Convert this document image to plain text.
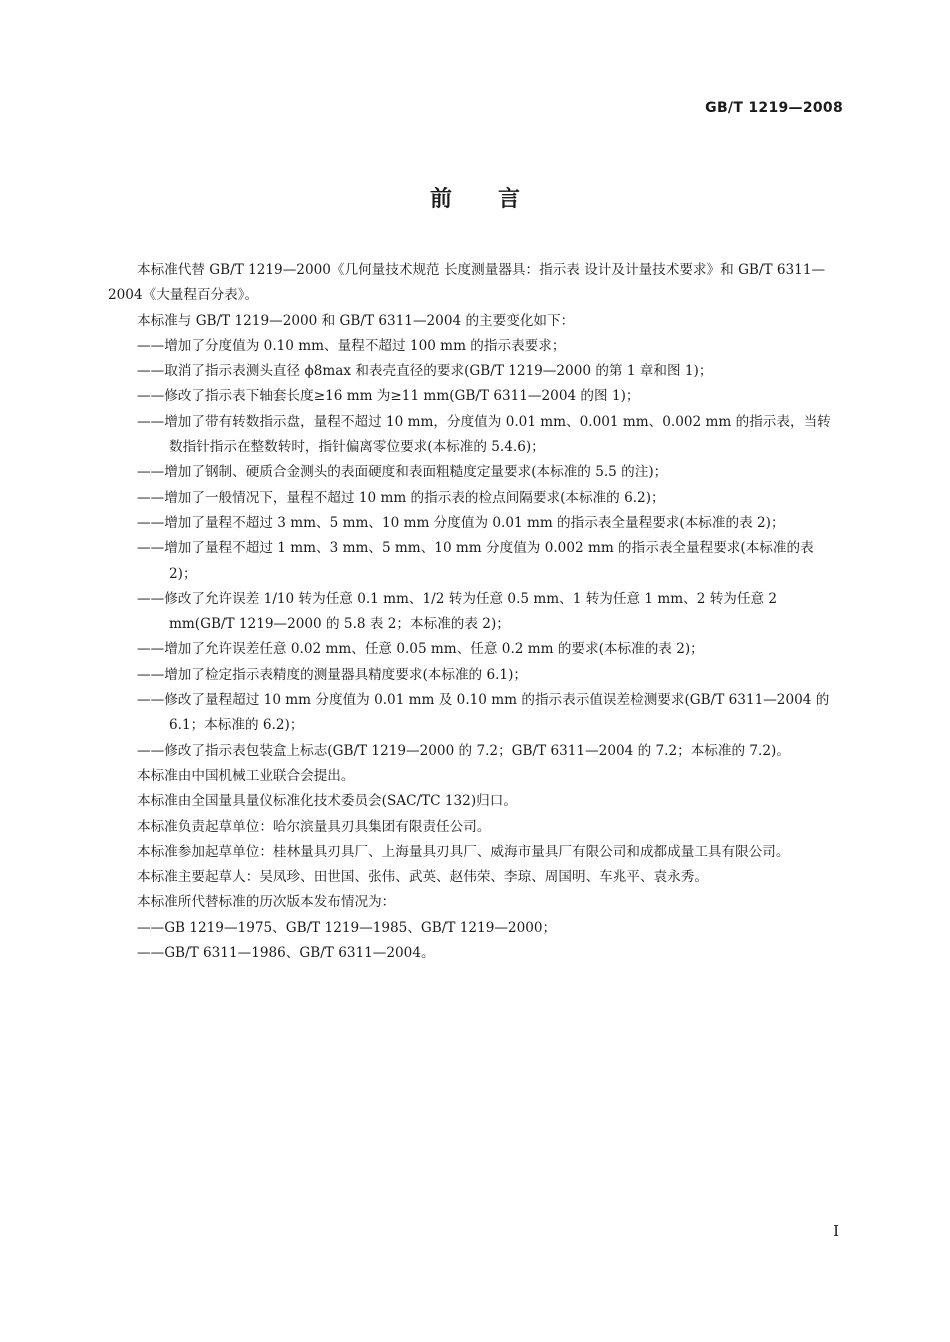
GB/T 1219—2008
前言

本标准代替 GB/T 1219—2000《几何量技术规范 长度测量器具：指示表 设计及计量技术要求》和 GB/T 6311—2004《大量程百分表》。

本标准与 GB/T 1219—2000 和 GB/T 6311—2004 的主要变化如下：

——增加了分度值为 0.10 mm、量程不超过 100 mm 的指示表要求；

——取消了指示表测头直径 ϕ8max 和表壳直径的要求(GB/T 1219—2000 的第 1 章和图 1)；

——修改了指示表下轴套长度≥16 mm 为≥11 mm(GB/T 6311—2004 的图 1)；

——增加了带有转数指示盘，量程不超过 10 mm，分度值为 0.01 mm、0.001 mm、0.002 mm 的指示表，当转数指针指示在整数转时，指针偏离零位要求(本标准的 5.4.6)；

——增加了钢制、硬质合金测头的表面硬度和表面粗糙度定量要求(本标准的 5.5 的注)；

——增加了一般情况下，量程不超过 10 mm 的指示表的检点间隔要求(本标准的 6.2)；

——增加了量程不超过 3 mm、5 mm、10 mm 分度值为 0.01 mm 的指示表全量程要求(本标准的表 2)；

——增加了量程不超过 1 mm、3 mm、5 mm、10 mm 分度值为 0.002 mm 的指示表全量程要求(本标准的表 2)；

——修改了允许误差 1/10 转为任意 0.1 mm、1/2 转为任意 0.5 mm、1 转为任意 1 mm、2 转为任意 2 mm(GB/T 1219—2000 的 5.8 表 2；本标准的表 2)；

——增加了允许误差任意 0.02 mm、任意 0.05 mm、任意 0.2 mm 的要求(本标准的表 2)；

——增加了检定指示表精度的测量器具精度要求(本标准的 6.1)；

——修改了量程超过 10 mm 分度值为 0.01 mm 及 0.10 mm 的指示表示值误差检测要求(GB/T 6311—2004 的 6.1；本标准的 6.2)；

——修改了指示表包装盒上标志(GB/T 1219—2000 的 7.2；GB/T 6311—2004 的 7.2；本标准的 7.2)。

本标准由中国机械工业联合会提出。

本标准由全国量具量仪标准化技术委员会(SAC/TC 132)归口。

本标准负责起草单位：哈尔滨量具刃具集团有限责任公司。

本标准参加起草单位：桂林量具刃具厂、上海量具刃具厂、威海市量具厂有限公司和成都成量工具有限公司。

本标准主要起草人：吴凤珍、田世国、张伟、武英、赵伟荣、李琼、周国明、车兆平、袁永秀。

本标准所代替标准的历次版本发布情况为：

——GB 1219—1975、GB/T 1219—1985、GB/T 1219—2000；

——GB/T 6311—1986、GB/T 6311—2004。

I
